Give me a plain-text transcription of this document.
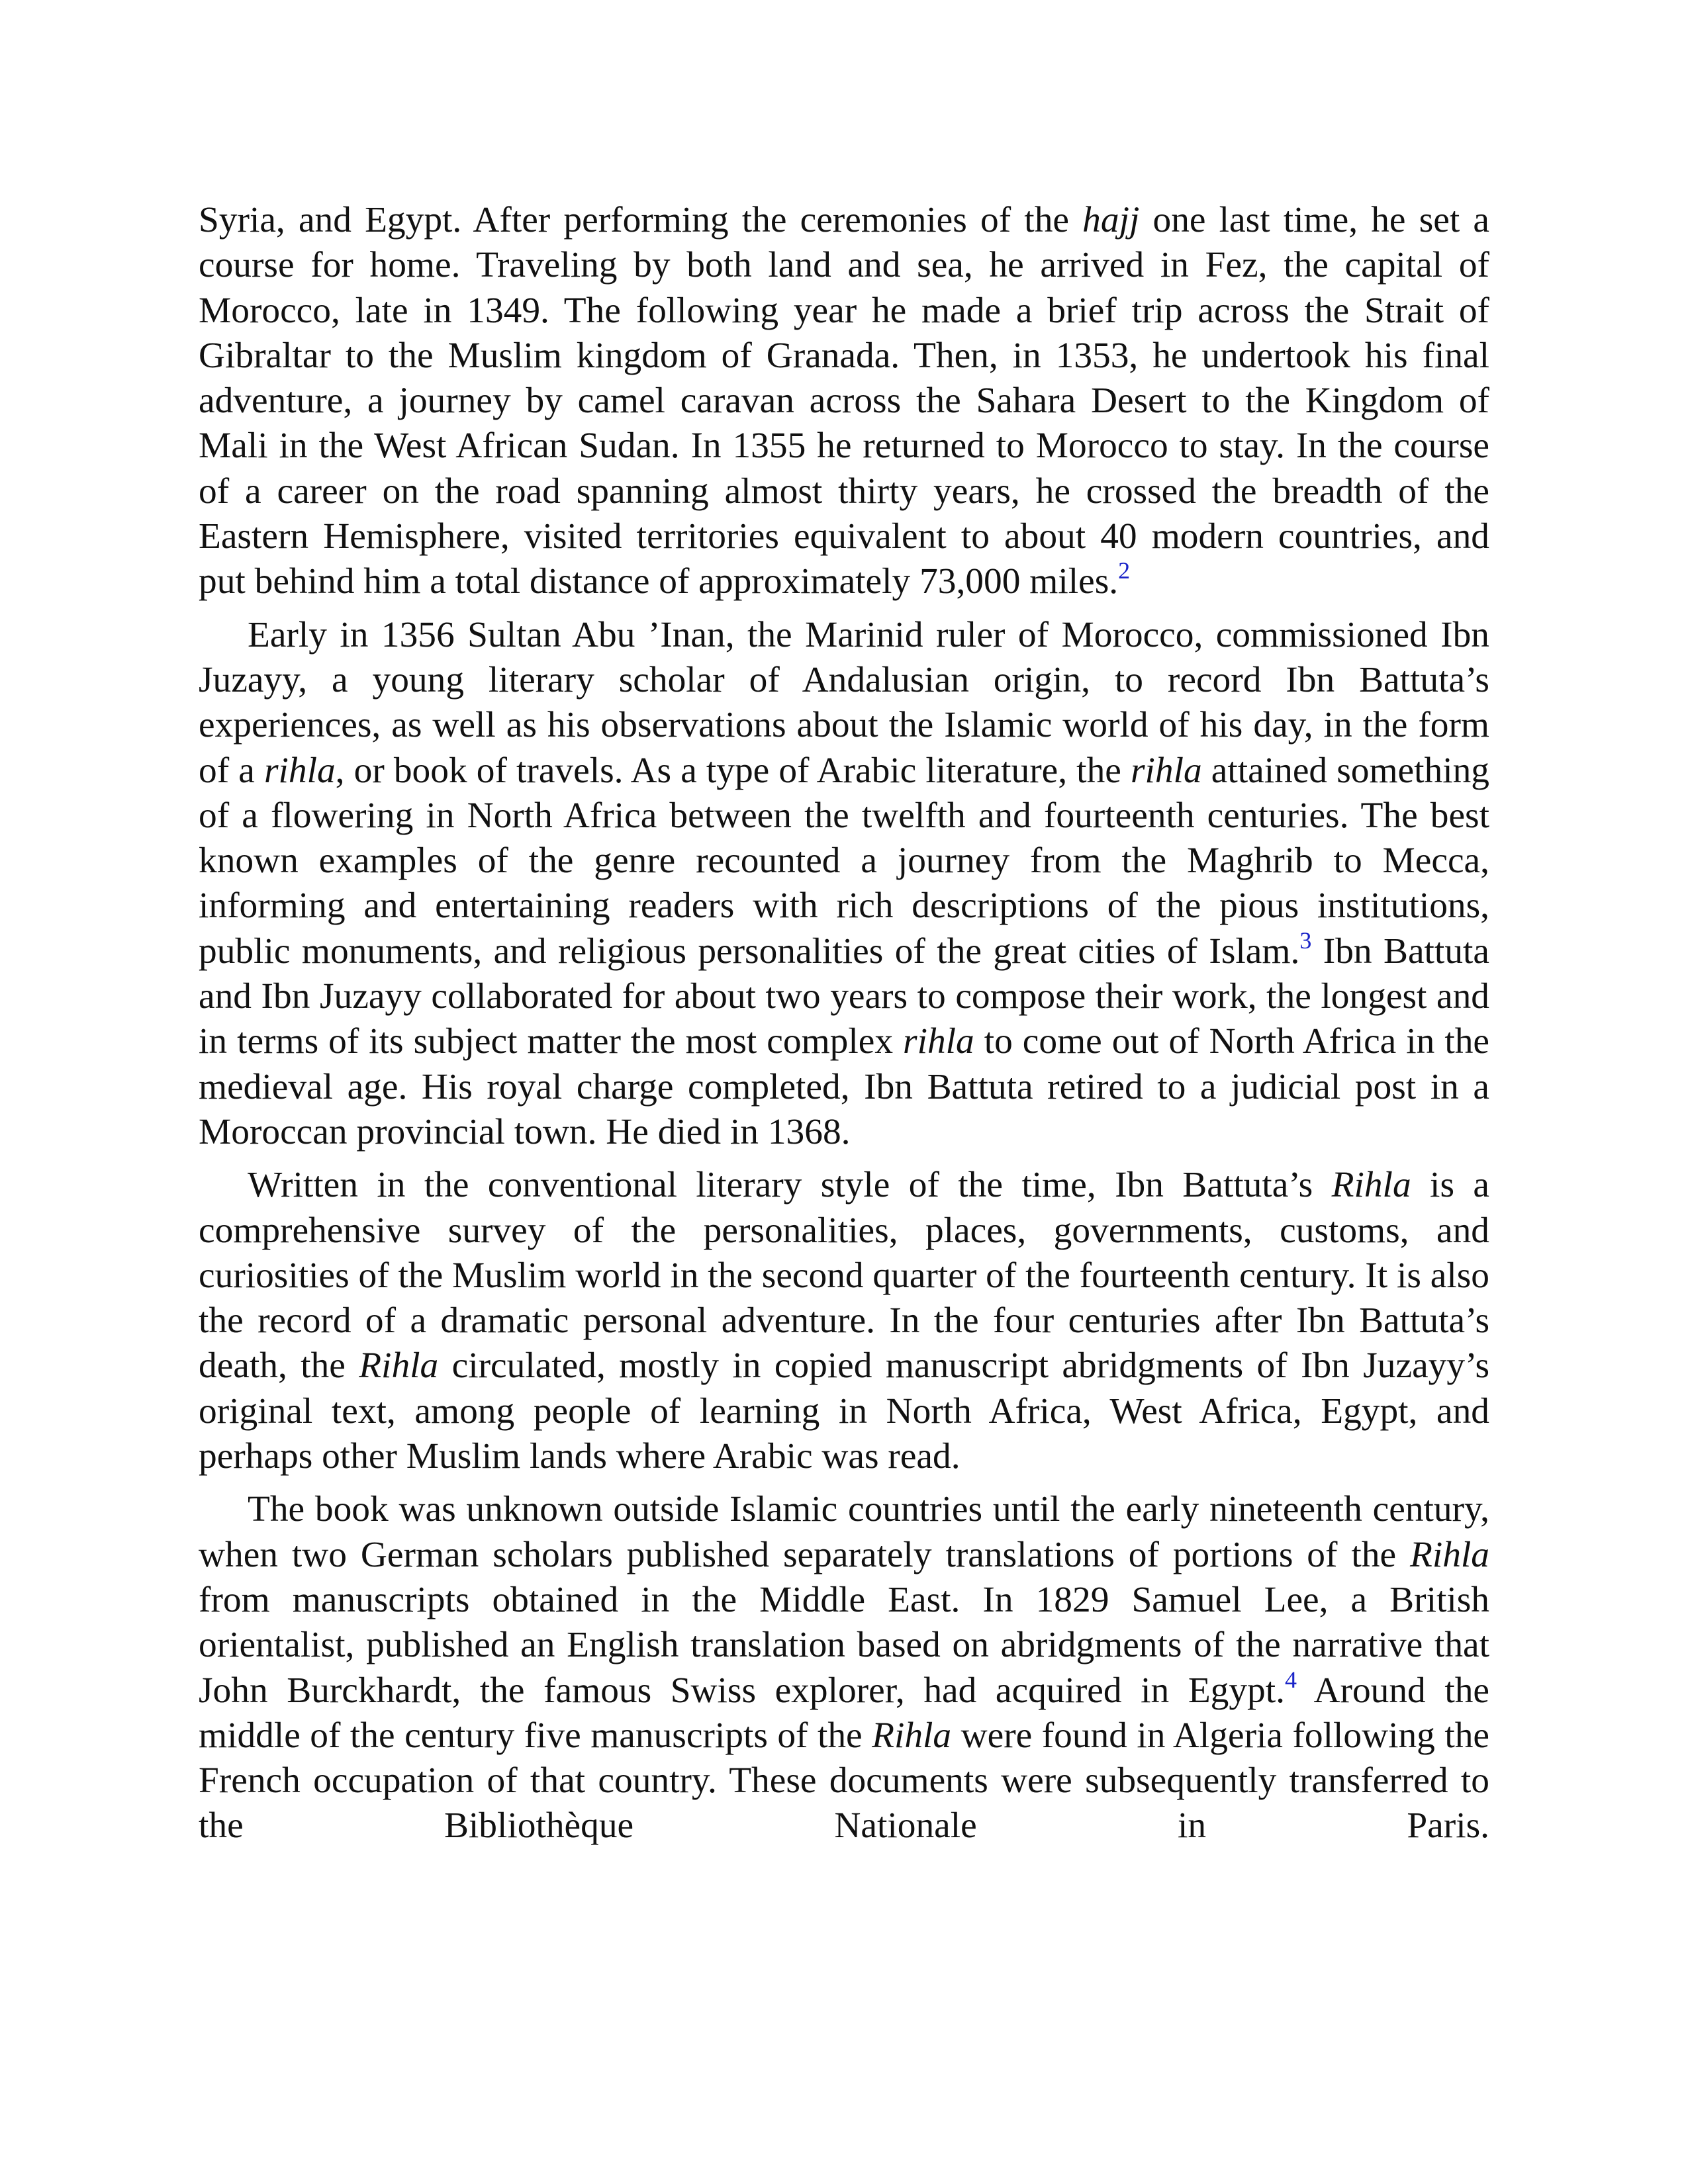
Syria, and Egypt. After performing the ceremonies of the hajj one last time, he set a course for home. Traveling by both land and sea, he arrived in Fez, the capital of Morocco, late in 1349. The following year he made a brief trip across the Strait of Gibraltar to the Muslim kingdom of Granada. Then, in 1353, he undertook his final adventure, a journey by camel caravan across the Sahara Desert to the Kingdom of Mali in the West African Sudan. In 1355 he returned to Morocco to stay. In the course of a career on the road spanning almost thirty years, he crossed the breadth of the Eastern Hemisphere, visited territories equivalent to about 40 modern countries, and put behind him a total distance of approximately 73,000 miles.$^2$

Early in 1356 Sultan Abu ’Inan, the Marinid ruler of Morocco, commissioned Ibn Juzayy, a young literary scholar of Andalusian origin, to record Ibn Battuta’s experiences, as well as his observations about the Islamic world of his day, in the form of a rihla, or book of travels. As a type of Arabic literature, the rihla attained something of a flowering in North Africa between the twelfth and fourteenth centuries. The best known examples of the genre recounted a journey from the Maghrib to Mecca, informing and entertaining readers with rich descriptions of the pious institutions, public monuments, and religious personalities of the great cities of Islam.$^3$ Ibn Battuta and Ibn Juzayy collaborated for about two years to compose their work, the longest and in terms of its subject matter the most complex rihla to come out of North Africa in the medieval age. His royal charge completed, Ibn Battuta retired to a judicial post in a Moroccan provincial town. He died in 1368.

Written in the conventional literary style of the time, Ibn Battuta’s Rihla is a comprehensive survey of the personalities, places, governments, customs, and curiosities of the Muslim world in the second quarter of the fourteenth century. It is also the record of a dramatic personal adventure. In the four centuries after Ibn Battuta’s death, the Rihla circulated, mostly in copied manuscript abridgments of Ibn Juzayy’s original text, among people of learning in North Africa, West Africa, Egypt, and perhaps other Muslim lands where Arabic was read.

The book was unknown outside Islamic countries until the early nineteenth century, when two German scholars published separately translations of portions of the Rihla from manuscripts obtained in the Middle East. In 1829 Samuel Lee, a British orientalist, published an English translation based on abridgments of the narrative that John Burckhardt, the famous Swiss explorer, had acquired in Egypt.$^4$ Around the middle of the century five manuscripts of the Rihla were found in Algeria following the French occupation of that country. These documents were subsequently transferred to the Bibliothèque Nationale in Paris.
